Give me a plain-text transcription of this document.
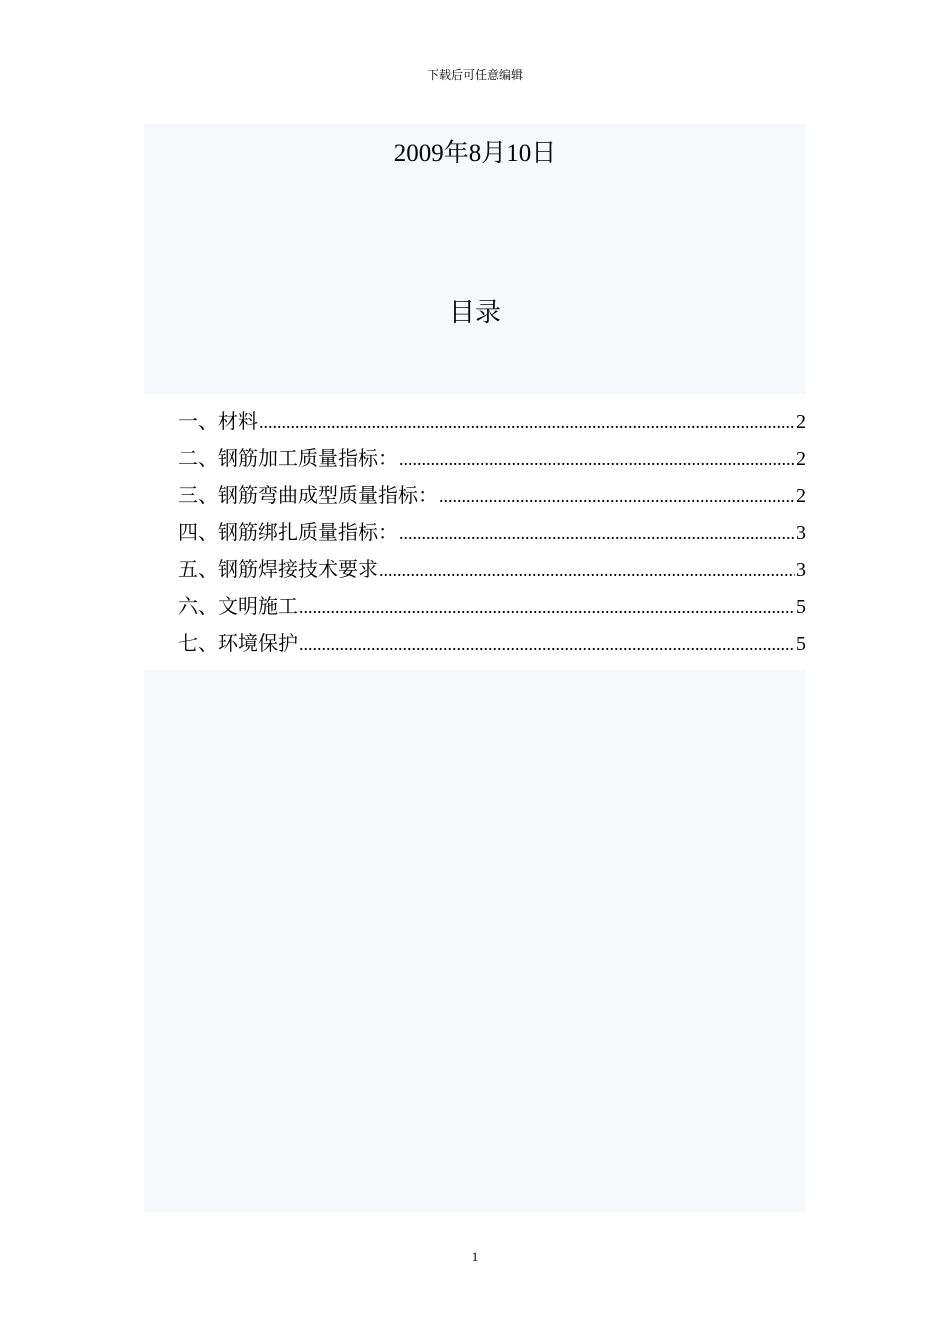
下载后可任意编辑
2009年8月10日
目录
一、材料 .....	2
二、钢筋加工质量指标： .....	2
三、钢筋弯曲成型质量指标： .....	2
四、钢筋绑扎质量指标： .....	3
五、钢筋焊接技术要求 .....	3
六、文明施工 .....	5
七、环境保护 .....	5
1
